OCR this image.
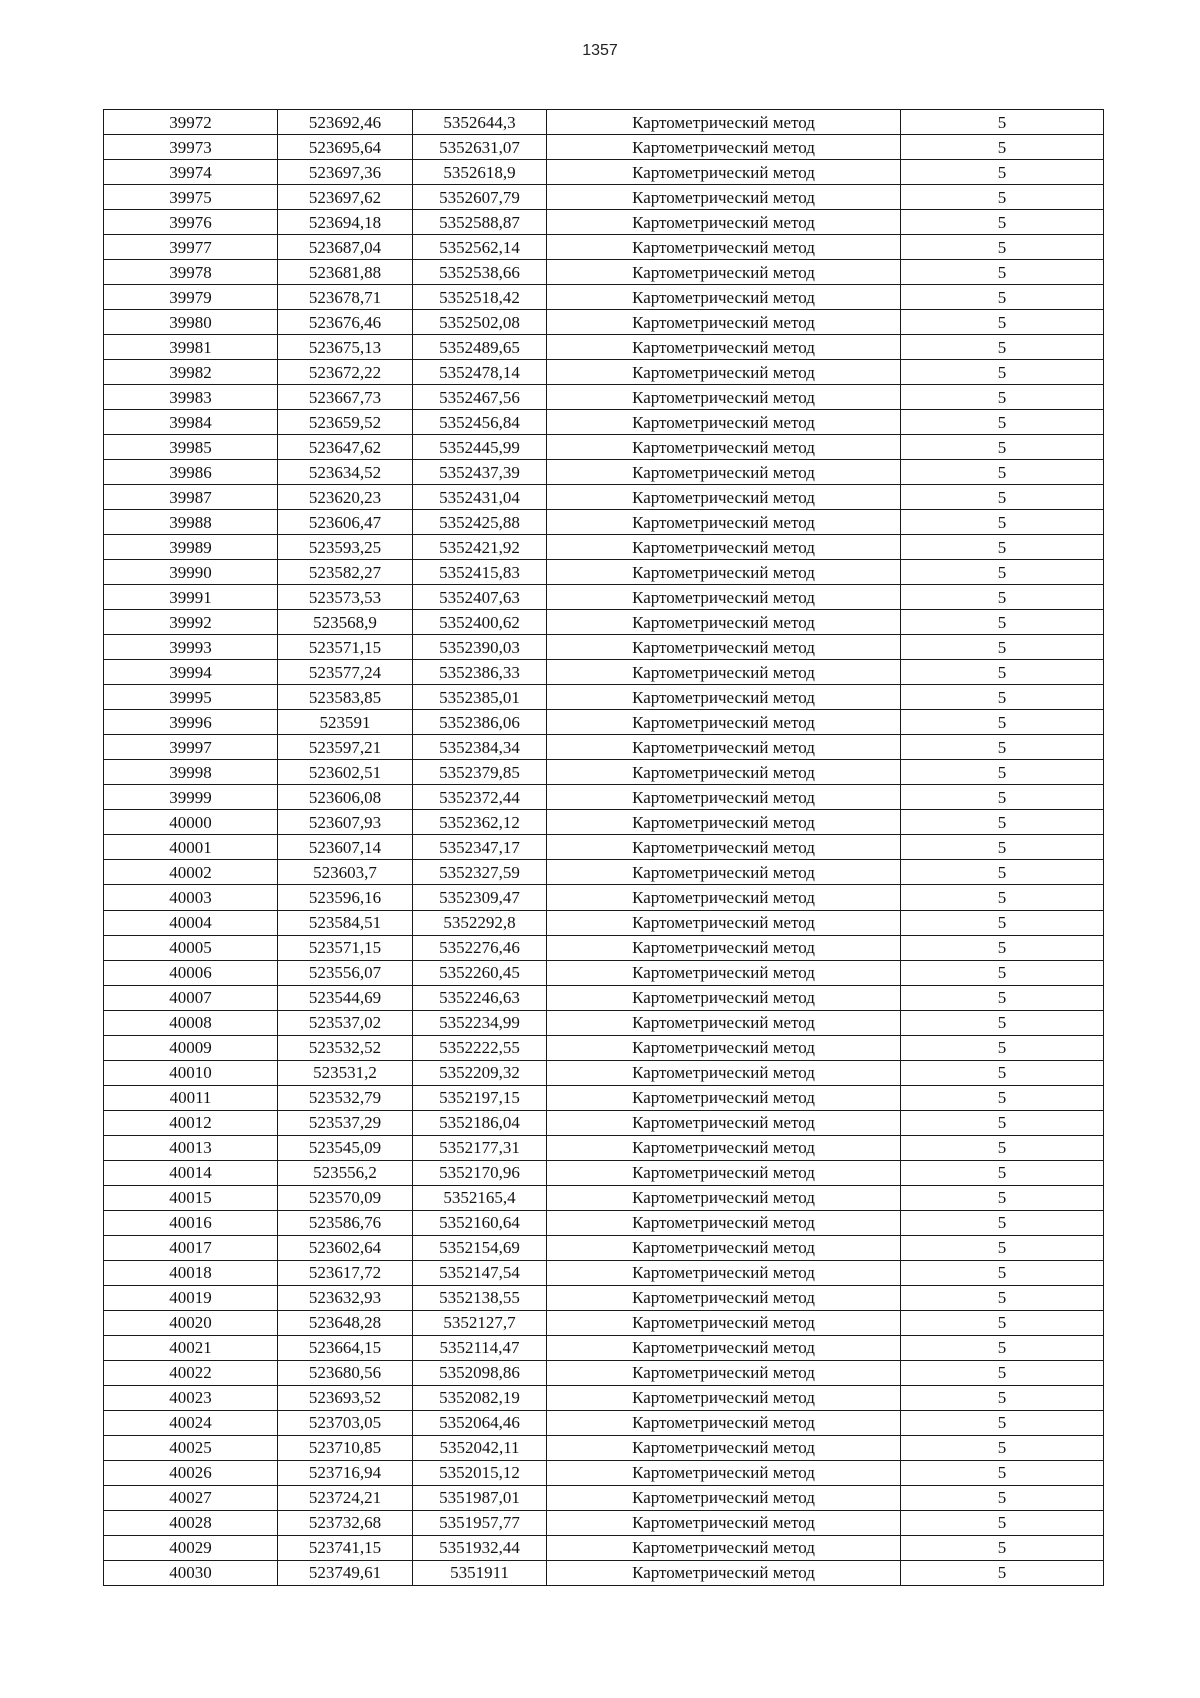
1357
39972	523692,46	5352644,3	Картометрический метод	5
39973	523695,64	5352631,07	Картометрический метод	5
39974	523697,36	5352618,9	Картометрический метод	5
39975	523697,62	5352607,79	Картометрический метод	5
39976	523694,18	5352588,87	Картометрический метод	5
39977	523687,04	5352562,14	Картометрический метод	5
39978	523681,88	5352538,66	Картометрический метод	5
39979	523678,71	5352518,42	Картометрический метод	5
39980	523676,46	5352502,08	Картометрический метод	5
39981	523675,13	5352489,65	Картометрический метод	5
39982	523672,22	5352478,14	Картометрический метод	5
39983	523667,73	5352467,56	Картометрический метод	5
39984	523659,52	5352456,84	Картометрический метод	5
39985	523647,62	5352445,99	Картометрический метод	5
39986	523634,52	5352437,39	Картометрический метод	5
39987	523620,23	5352431,04	Картометрический метод	5
39988	523606,47	5352425,88	Картометрический метод	5
39989	523593,25	5352421,92	Картометрический метод	5
39990	523582,27	5352415,83	Картометрический метод	5
39991	523573,53	5352407,63	Картометрический метод	5
39992	523568,9	5352400,62	Картометрический метод	5
39993	523571,15	5352390,03	Картометрический метод	5
39994	523577,24	5352386,33	Картометрический метод	5
39995	523583,85	5352385,01	Картометрический метод	5
39996	523591	5352386,06	Картометрический метод	5
39997	523597,21	5352384,34	Картометрический метод	5
39998	523602,51	5352379,85	Картометрический метод	5
39999	523606,08	5352372,44	Картометрический метод	5
40000	523607,93	5352362,12	Картометрический метод	5
40001	523607,14	5352347,17	Картометрический метод	5
40002	523603,7	5352327,59	Картометрический метод	5
40003	523596,16	5352309,47	Картометрический метод	5
40004	523584,51	5352292,8	Картометрический метод	5
40005	523571,15	5352276,46	Картометрический метод	5
40006	523556,07	5352260,45	Картометрический метод	5
40007	523544,69	5352246,63	Картометрический метод	5
40008	523537,02	5352234,99	Картометрический метод	5
40009	523532,52	5352222,55	Картометрический метод	5
40010	523531,2	5352209,32	Картометрический метод	5
40011	523532,79	5352197,15	Картометрический метод	5
40012	523537,29	5352186,04	Картометрический метод	5
40013	523545,09	5352177,31	Картометрический метод	5
40014	523556,2	5352170,96	Картометрический метод	5
40015	523570,09	5352165,4	Картометрический метод	5
40016	523586,76	5352160,64	Картометрический метод	5
40017	523602,64	5352154,69	Картометрический метод	5
40018	523617,72	5352147,54	Картометрический метод	5
40019	523632,93	5352138,55	Картометрический метод	5
40020	523648,28	5352127,7	Картометрический метод	5
40021	523664,15	5352114,47	Картометрический метод	5
40022	523680,56	5352098,86	Картометрический метод	5
40023	523693,52	5352082,19	Картометрический метод	5
40024	523703,05	5352064,46	Картометрический метод	5
40025	523710,85	5352042,11	Картометрический метод	5
40026	523716,94	5352015,12	Картометрический метод	5
40027	523724,21	5351987,01	Картометрический метод	5
40028	523732,68	5351957,77	Картометрический метод	5
40029	523741,15	5351932,44	Картометрический метод	5
40030	523749,61	5351911	Картометрический метод	5
